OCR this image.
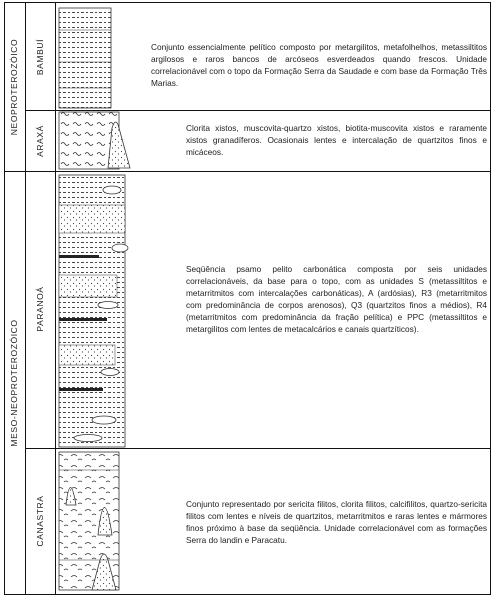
NEOPROTEROZÓICO
MESO-NEOPROTEROZÓICO
BAMBUÍ
ARAXÁ
PARANOÁ
CANASTRA
Conjunto essencialmente pelítico composto por metargilitos, metafolhelhos, metassiltitos argilosos e raros bancos de arcóseos esverdeados quando frescos. Unidade correlacionável com o topo da Formação Serra da Saudade e com base da Formação Três Marias.
Clorita xistos, muscovita-quartzo xistos, biotita-muscovita xistos e raramente xistos granadíferos. Ocasionais lentes e intercalação de quartzitos finos e micáceos.
Seqüência psamo pelito carbonática composta por seis unidades correlacionáveis, da base para o topo, com as unidades S (metassiltitos e metarritmitos com intercalações carbonáticas), A (ardósias), R3 (metarritmitos com predominância de corpos arenosos), Q3 (quartzitos finos a médios), R4 (metarritmitos com predominância da fração pelítica) e PPC (metassiltitos e metargilitos com lentes de metacalcários e canais quartzíticos).
Conjunto representado por sericita filitos, clorita filitos, calcifilitos, quartzo-sericita filitos com lentes e níveis de quartzitos, metarritmitos e raras lentes e mármores finos próximo à base da seqüência. Unidade correlacionável com as formações Serra do landin e Paracatu.
